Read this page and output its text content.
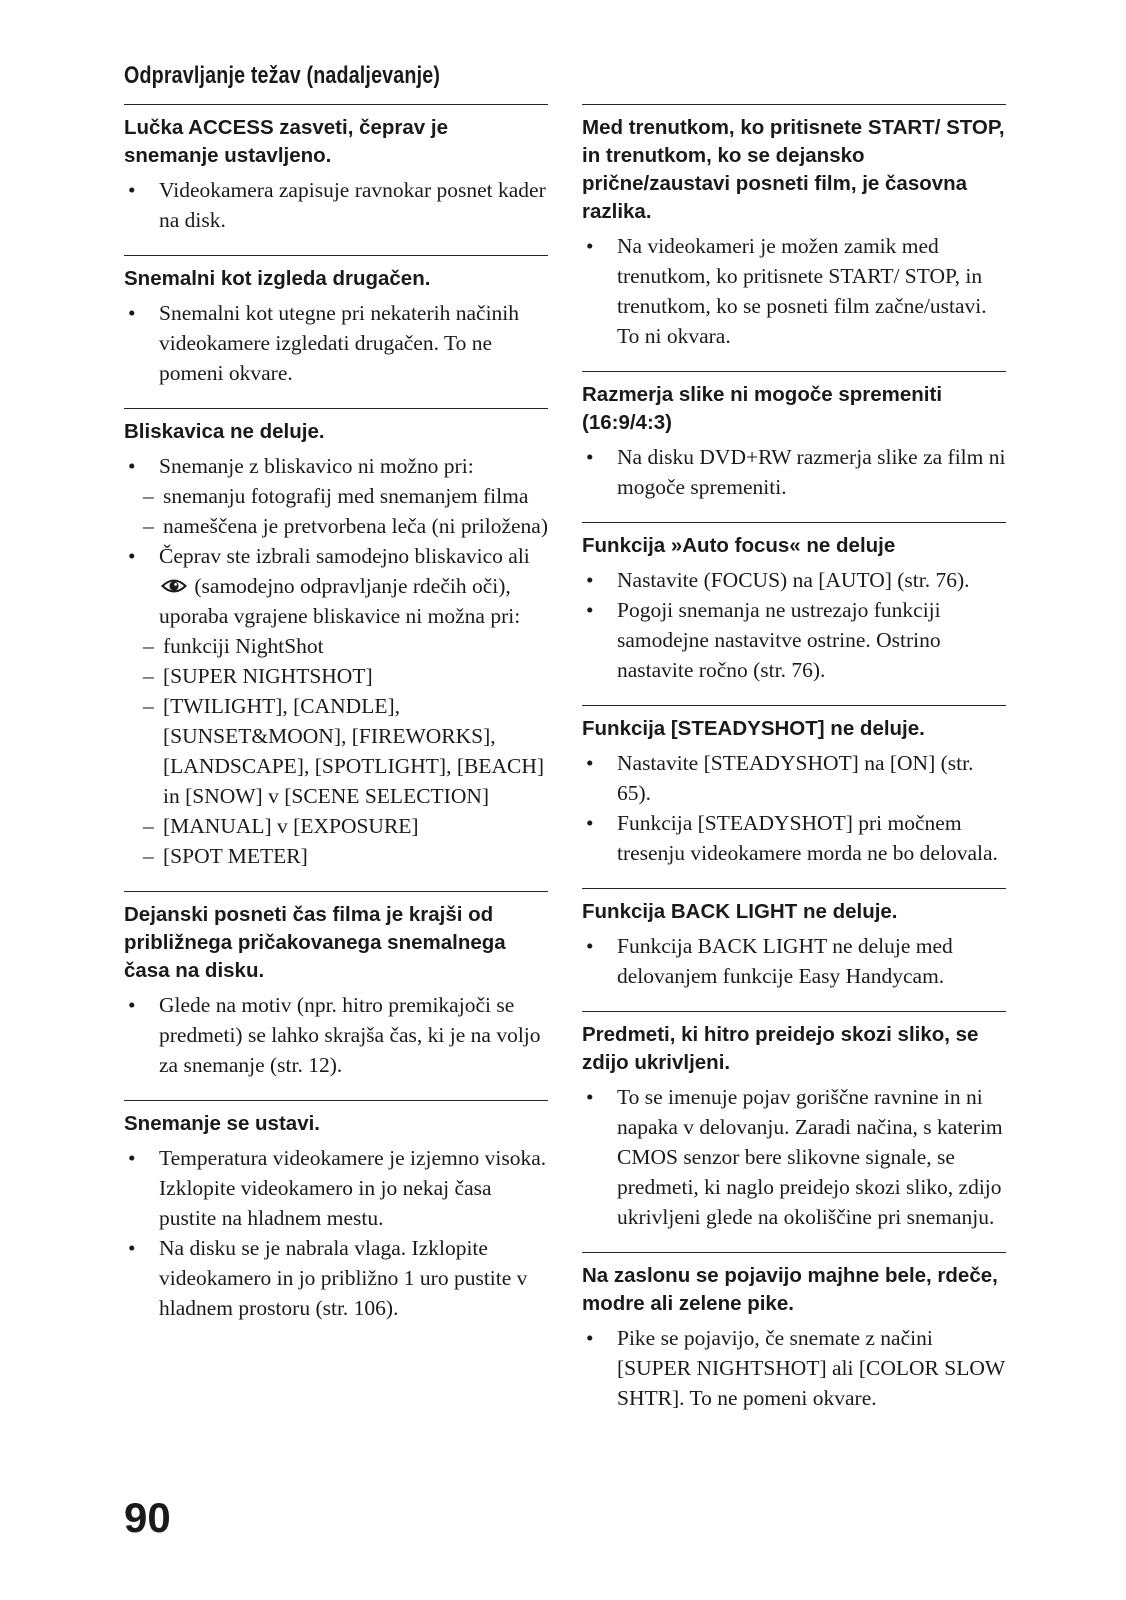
Odpravljanje težav (nadaljevanje)
Lučka ACCESS zasveti, čeprav je snemanje ustavljeno.
• Videokamera zapisuje ravnokar posnet kader na disk.
Snemalni kot izgleda drugačen.
• Snemalni kot utegne pri nekaterih načinih videokamere izgledati drugačen. To ne pomeni okvare.
Bliskavica ne deluje.
• Snemanje z bliskavico ni možno pri:
– snemanju fotografij med snemanjem filma
– nameščena je pretvorbena leča (ni priložena)
• Čeprav ste izbrali samodejno bliskavico ali  (samodejno odpravljanje rdečih oči), uporaba vgrajene bliskavice ni možna pri:
– funkciji NightShot
– [SUPER NIGHTSHOT]
– [TWILIGHT], [CANDLE], [SUNSET&MOON], [FIREWORKS], [LANDSCAPE], [SPOTLIGHT], [BEACH] in [SNOW] v [SCENE SELECTION]
– [MANUAL] v [EXPOSURE]
– [SPOT METER]
Dejanski posneti čas filma je krajši od približnega pričakovanega snemalnega časa na disku.
• Glede na motiv (npr. hitro premikajoči se predmeti) se lahko skrajša čas, ki je na voljo za snemanje (str. 12).
Snemanje se ustavi.
• Temperatura videokamere je izjemno visoka. Izklopite videokamero in jo nekaj časa pustite na hladnem mestu.
• Na disku se je nabrala vlaga. Izklopite videokamero in jo približno 1 uro pustite v hladnem prostoru (str. 106).
Med trenutkom, ko pritisnete START/ STOP, in trenutkom, ko se dejansko prične/zaustavi posneti film, je časovna razlika.
• Na videokameri je možen zamik med trenutkom, ko pritisnete START/ STOP, in trenutkom, ko se posneti film začne/ustavi. To ni okvara.
Razmerja slike ni mogoče spremeniti (16:9/4:3)
• Na disku DVD+RW razmerja slike za film ni mogoče spremeniti.
Funkcija »Auto focus« ne deluje
• Nastavite (FOCUS) na [AUTO] (str. 76).
• Pogoji snemanja ne ustrezajo funkciji samodejne nastavitve ostrine. Ostrino nastavite ročno (str. 76).
Funkcija [STEADYSHOT] ne deluje.
• Nastavite [STEADYSHOT] na [ON] (str. 65).
• Funkcija [STEADYSHOT] pri močnem tresenju videokamere morda ne bo delovala.
Funkcija BACK LIGHT ne deluje.
• Funkcija BACK LIGHT ne deluje med delovanjem funkcije Easy Handycam.
Predmeti, ki hitro preidejo skozi sliko, se zdijo ukrivljeni.
• To se imenuje pojav goriščne ravnine in ni napaka v delovanju. Zaradi načina, s katerim CMOS senzor bere slikovne signale, se predmeti, ki naglo preidejo skozi sliko, zdijo ukrivljeni glede na okoliščine pri snemanju.
Na zaslonu se pojavijo majhne bele, rdeče, modre ali zelene pike.
• Pike se pojavijo, če snemate z načini [SUPER NIGHTSHOT] ali [COLOR SLOW SHTR]. To ne pomeni okvare.
90
